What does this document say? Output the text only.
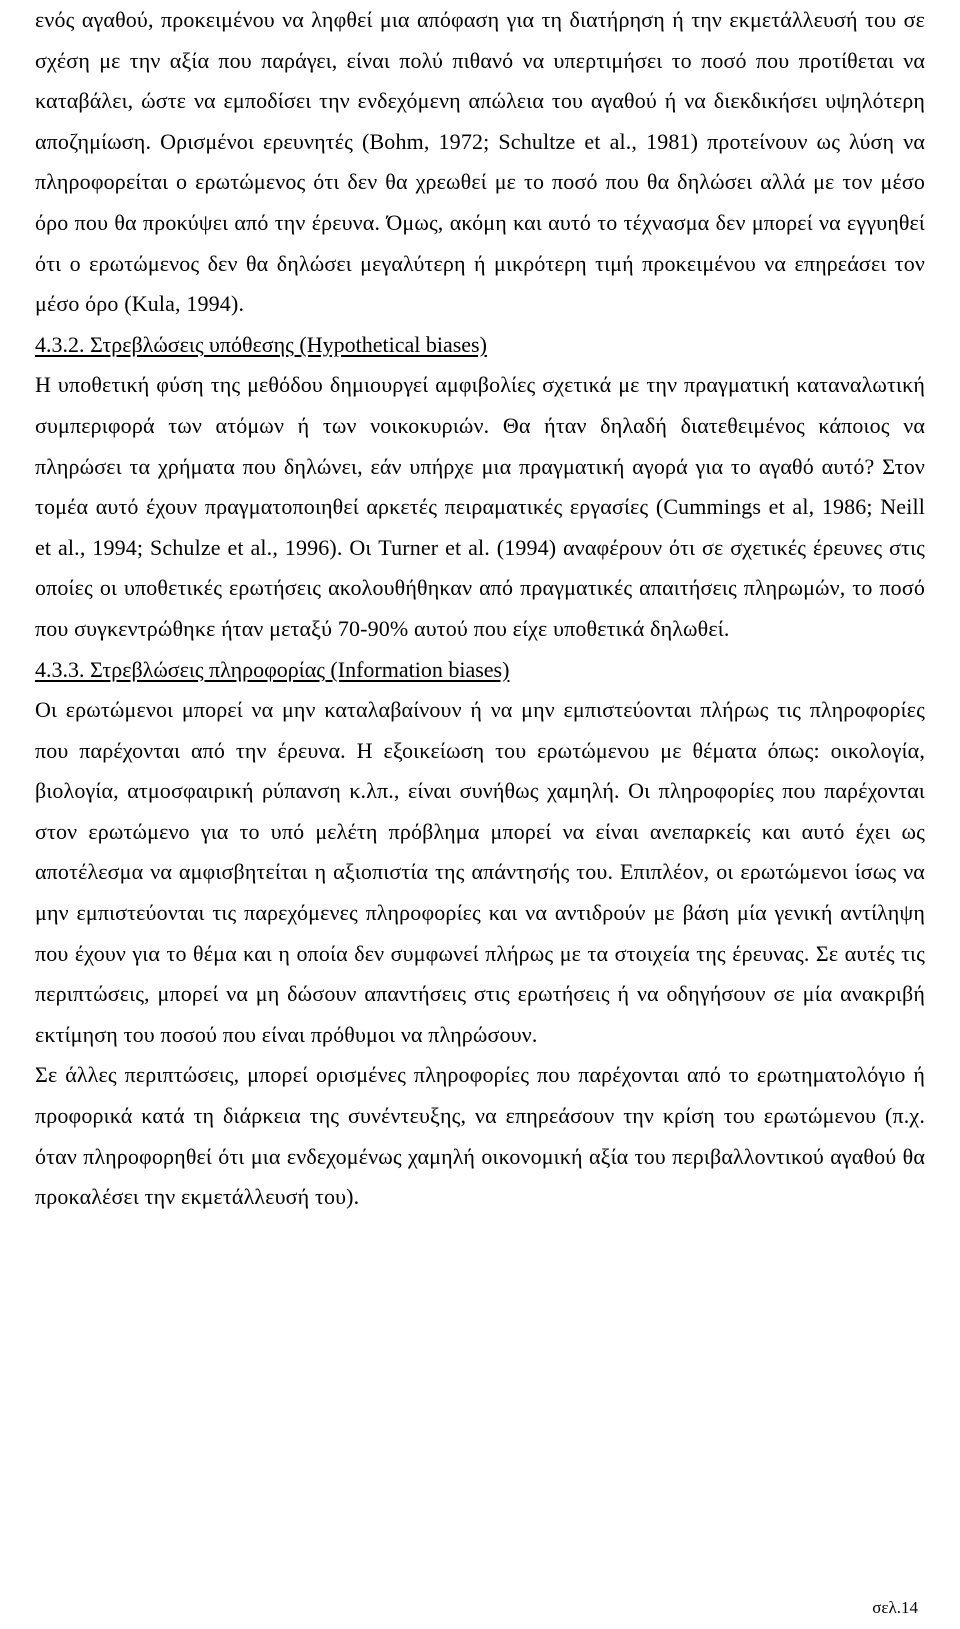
ενός αγαθού, προκειμένου να ληφθεί μια απόφαση για τη διατήρηση ή την εκμετάλλευσή του σε σχέση με την αξία που παράγει, είναι πολύ πιθανό να υπερτιμήσει το ποσό που προτίθεται να καταβάλει, ώστε να εμποδίσει την ενδεχόμενη απώλεια του αγαθού ή να διεκδικήσει υψηλότερη αποζημίωση. Ορισμένοι ερευνητές (Bohm, 1972; Schultze et al., 1981) προτείνουν ως λύση να πληροφορείται ο ερωτώμενος ότι δεν θα χρεωθεί με το ποσό που θα δηλώσει αλλά με τον μέσο όρο που θα προκύψει από την έρευνα. Όμως, ακόμη και αυτό το τέχνασμα δεν μπορεί να εγγυηθεί ότι ο ερωτώμενος δεν θα δηλώσει μεγαλύτερη ή μικρότερη τιμή προκειμένου να επηρεάσει τον μέσο όρο (Kula, 1994).

4.3.2. Στρεβλώσεις υπόθεσης (Hypothetical biases)

Η υποθετική φύση της μεθόδου δημιουργεί αμφιβολίες σχετικά με την πραγματική καταναλωτική συμπεριφορά των ατόμων ή των νοικοκυριών. Θα ήταν δηλαδή διατεθειμένος κάποιος να πληρώσει τα χρήματα που δηλώνει, εάν υπήρχε μια πραγματική αγορά για το αγαθό αυτό? Στον τομέα αυτό έχουν πραγματοποιηθεί αρκετές πειραματικές εργασίες (Cummings et al, 1986; Neill et al., 1994; Schulze et al., 1996). Οι Turner et al. (1994) αναφέρουν ότι σε σχετικές έρευνες στις οποίες οι υποθετικές ερωτήσεις ακολουθήθηκαν από πραγματικές απαιτήσεις πληρωμών, το ποσό που συγκεντρώθηκε ήταν μεταξύ 70-90% αυτού που είχε υποθετικά δηλωθεί.

4.3.3. Στρεβλώσεις πληροφορίας (Information biases)

Οι ερωτώμενοι μπορεί να μην καταλαβαίνουν ή να μην εμπιστεύονται πλήρως τις πληροφορίες που παρέχονται από την έρευνα. Η εξοικείωση του ερωτώμενου με θέματα όπως: οικολογία, βιολογία, ατμοσφαιρική ρύπανση κ.λπ., είναι συνήθως χαμηλή. Οι πληροφορίες που παρέχονται στον ερωτώμενο για το υπό μελέτη πρόβλημα μπορεί να είναι ανεπαρκείς και αυτό έχει ως αποτέλεσμα να αμφισβητείται η αξιοπιστία της απάντησής του. Επιπλέον, οι ερωτώμενοι ίσως να μην εμπιστεύονται τις παρεχόμενες πληροφορίες και να αντιδρούν με βάση μία γενική αντίληψη που έχουν για το θέμα και η οποία δεν συμφωνεί πλήρως με τα στοιχεία της έρευνας. Σε αυτές τις περιπτώσεις, μπορεί να μη δώσουν απαντήσεις στις ερωτήσεις ή να οδηγήσουν σε μία ανακριβή εκτίμηση του ποσού που είναι πρόθυμοι να πληρώσουν.

Σε άλλες περιπτώσεις, μπορεί ορισμένες πληροφορίες που παρέχονται από το ερωτηματολόγιο ή προφορικά κατά τη διάρκεια της συνέντευξης, να επηρεάσουν την κρίση του ερωτώμενου (π.χ. όταν πληροφορηθεί ότι μια ενδεχομένως χαμηλή οικονομική αξία του περιβαλλοντικού αγαθού θα προκαλέσει την εκμετάλλευσή του).

σελ.14
